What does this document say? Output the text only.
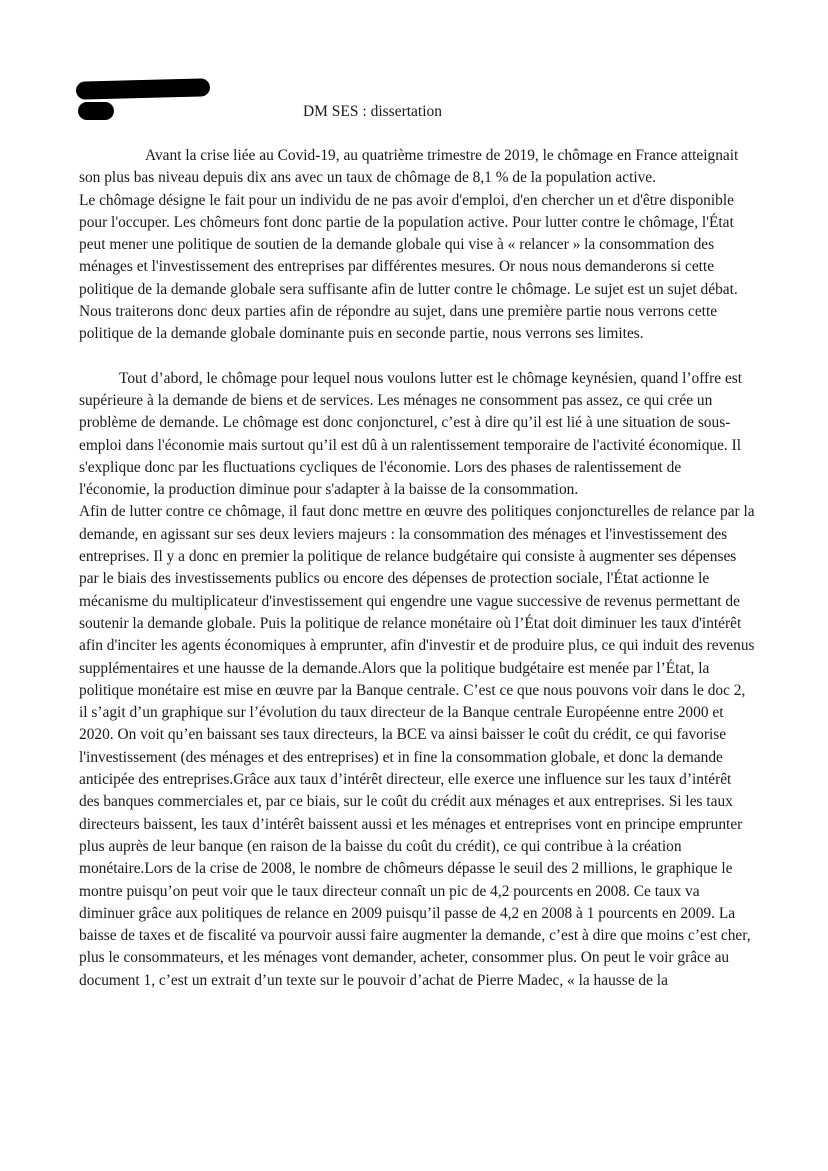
DM SES : dissertation

Avant la crise liée au Covid-19, au quatrième trimestre de 2019, le chômage en France atteignait son plus bas niveau depuis dix ans avec un taux de chômage de 8,1 % de la population active.

Le chômage désigne le fait pour un individu de ne pas avoir d'emploi, d'en chercher un et d'être disponible pour l'occuper. Les chômeurs font donc partie de la population active. Pour lutter contre le chômage, l'État peut mener une politique de soutien de la demande globale qui vise à « relancer » la consommation des ménages et l'investissement des entreprises par différentes mesures. Or nous nous demanderons si cette politique de la demande globale sera suffisante afin de lutter contre le chômage. Le sujet est un sujet débat.

Nous traiterons donc deux parties afin de répondre au sujet, dans une première partie nous verrons cette politique de la demande globale dominante puis en seconde partie, nous verrons ses limites.

Tout d’abord, le chômage pour lequel nous voulons lutter est le chômage keynésien, quand l’offre est supérieure à la demande de biens et de services. Les ménages ne consomment pas assez, ce qui crée un problème de demande. Le chômage est donc conjoncturel, c’est à dire qu’il est lié à une situation de sous-emploi dans l'économie mais surtout qu’il est dû à un ralentissement temporaire de l'activité économique. Il s'explique donc par les fluctuations cycliques de l'économie. Lors des phases de ralentissement de l'économie, la production diminue pour s'adapter à la baisse de la consommation.

Afin de lutter contre ce chômage, il faut donc mettre en œuvre des politiques conjoncturelles de relance par la demande, en agissant sur ses deux leviers majeurs : la consommation des ménages et l'investissement des entreprises. Il y a donc en premier la politique de relance budgétaire qui consiste à augmenter ses dépenses par le biais des investissements publics ou encore des dépenses de protection sociale, l'État actionne le mécanisme du multiplicateur d'investissement qui engendre une vague successive de revenus permettant de soutenir la demande globale. Puis la politique de relance monétaire où l’État doit diminuer les taux d'intérêt afin d'inciter les agents économiques à emprunter, afin d'investir et de produire plus, ce qui induit des revenus supplémentaires et une hausse de la demande.Alors que la politique budgétaire est menée par l’État, la politique monétaire est mise en œuvre par la Banque centrale. C’est ce que nous pouvons voir dans le doc 2, il s’agit d’un graphique sur l’évolution du taux directeur de la Banque centrale Européenne entre 2000 et 2020. On voit qu’en baissant ses taux directeurs, la BCE va ainsi baisser le coût du crédit, ce qui favorise l'investissement (des ménages et des entreprises) et in fine la consommation globale, et donc la demande anticipée des entreprises.Grâce aux taux d’intérêt directeur, elle exerce une influence sur les taux d’intérêt des banques commerciales et, par ce biais, sur le coût du crédit aux ménages et aux entreprises. Si les taux directeurs baissent, les taux d’intérêt baissent aussi et les ménages et entreprises vont en principe emprunter plus auprès de leur banque (en raison de la baisse du coût du crédit), ce qui contribue à la création monétaire.Lors de la crise de 2008, le nombre de chômeurs dépasse le seuil des 2 millions, le graphique le montre puisqu’on peut voir que le taux directeur connaît un pic de 4,2 pourcents en 2008. Ce taux va diminuer grâce aux politiques de relance en 2009 puisqu’il passe de 4,2 en 2008 à 1 pourcents en 2009. La baisse de taxes et de fiscalité va pourvoir aussi faire augmenter la demande, c’est à dire que moins c’est cher, plus le consommateurs, et les ménages vont demander, acheter, consommer plus. On peut le voir grâce au document 1, c’est un extrait d’un texte sur le pouvoir d’achat de Pierre Madec, « la hausse de la
